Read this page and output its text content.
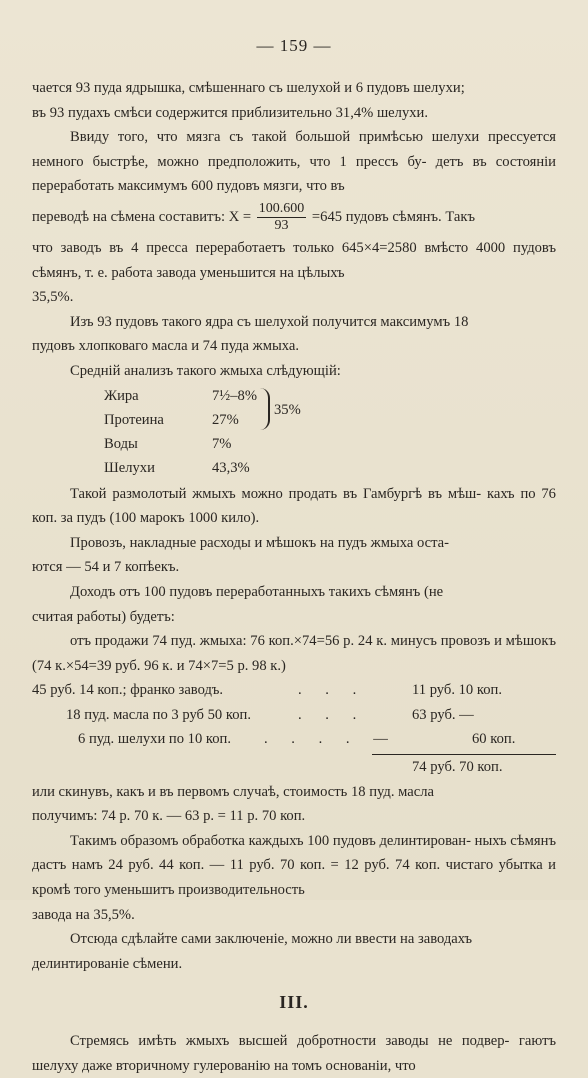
— 159 —

чается 93 пуда ядрышка, смѣшеннаго съ шелухой и 6 пудовъ шелухи;
въ 93 пудахъ смѣси содержится приблизительно 31,4% шелухи.

Ввиду того, что мязга съ такой большой примѣсью шелухи прессуется немного быстрѣе, можно предположить, что 1 прессъ бу- детъ въ состояніи переработать максимумъ 600 пудовъ мязги, что въ

переводѣ на сѣмена составитъ: $X = \frac{100.600}{93} =645$ пудовъ сѣмянъ. Такъ

что заводъ въ 4 пресса переработаетъ только 645×4=2580 вмѣсто 4000 пудовъ сѣмянъ, т. е. работа завода уменьшится на цѣлыхъ
35,5%.

Изъ 93 пудовъ такого ядра съ шелухой получится максимумъ 18
пудовъ хлопковаго масла и 74 пуда жмыха.

Средній анализъ такого жмыха слѣдующій:

Жира	7½–8%
Протеина	27%
Воды	7%
Шелухи	43,3%
35%

Такой размолотый жмыхъ можно продать въ Гамбургѣ въ мѣш- кахъ по 76 коп. за пудъ (100 марокъ 1000 кило).

Провозъ, накладные расходы и мѣшокъ на пудъ жмыха оста-
ются — 54 и 7 копѣекъ.

Доходъ отъ 100 пудовъ переработанныхъ такихъ сѣмянъ (не
считая работы) будетъ:

отъ продажи 74 пуд. жмыха: 76 коп.×74=56 р. 24 к. минусъ провозъ и мѣшокъ (74 к.×54=39 руб. 96 к. и 74×7=5 р. 98 к.)

45 руб. 14 коп.; франко заводъ.	. . .	11 руб. 10 коп.
18 пуд. масла по 3 руб 50 коп.	. . .	63 руб. —
6 пуд. шелухи по 10 коп. . . . . —	60 коп.
74 руб. 70 коп.

или скинувъ, какъ и въ первомъ случаѣ, стоимость 18 пуд. масла
получимъ: 74 р. 70 к. — 63 р. = 11 р. 70 коп.

Такимъ образомъ обработка каждыхъ 100 пудовъ делинтирован- ныхъ сѣмянъ дастъ намъ 24 руб. 44 коп. — 11 руб. 70 коп. = 12 руб. 74 коп. чистаго убытка и кромѣ того уменьшитъ производительность
завода на 35,5%.

Отсюда сдѣлайте сами заключеніе, можно ли ввести на заводахъ
делинтированіе сѣмени.

III.

Стремясь имѣть жмыхъ высшей добротности заводы не подвер- гаютъ шелуху даже вторичному гулерованію на томъ основаніи, что
